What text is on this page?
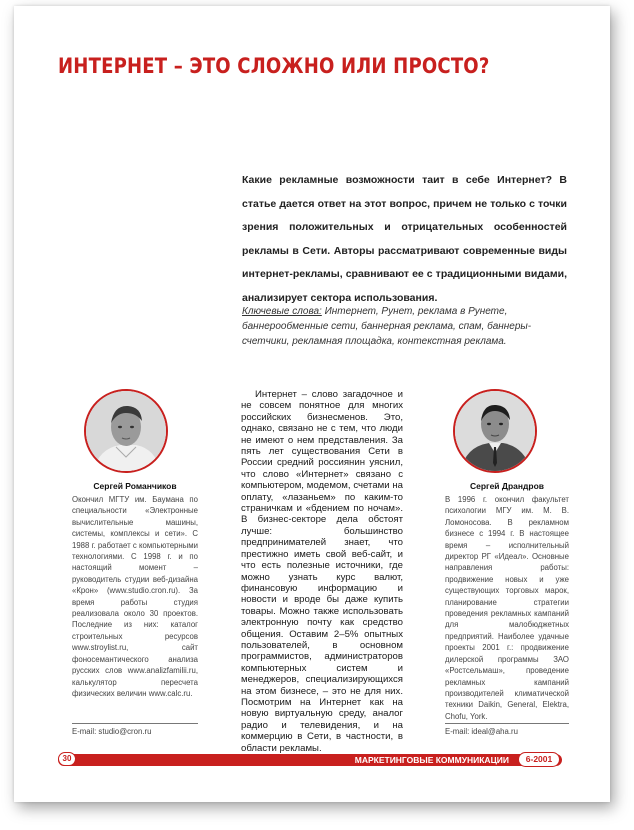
ИНТЕРНЕТ – ЭТО СЛОЖНО ИЛИ ПРОСТО?

Какие рекламные возможности таит в себе Интернет? В статье дается ответ на этот вопрос, причем не только с точки зрения положительных и отрицательных особенностей рекламы в Сети. Авторы рассматривают современные виды интернет-рекламы, сравнивают ее с традиционными видами, анализирует сектора использования.

Ключевые слова: Интернет, Рунет, реклама в Рунете, баннерообменные сети, баннерная реклама, спам, баннеры-счетчики, рекламная площадка, контекстная реклама.

Сергей Романчиков

Окончил МГТУ им. Баумана по специальности «Электронные вычислительные машины, системы, комплексы и сети». С 1988 г. работает с компьютерными технологиями. С 1998 г. и по настоящий момент – руководитель студии веб-дизайна «Крон» (www.studio.cron.ru). За время работы студия реализовала около 30 проектов. Последние из них: каталог строительных ресурсов www.stroylist.ru, сайт фоносемантического анализа русских слов www.analizfamilii.ru, калькулятор пересчета физических величин www.calc.ru.

E-mail: studio@cron.ru

Интернет – слово загадочное и не совсем понятное для многих российских бизнесменов. Это, однако, связано не с тем, что люди не имеют о нем представления. За пять лет существования Сети в России средний россиянин уяснил, что слово «Интернет» связано с компьютером, модемом, счетами на оплату, «лазаньем» по каким-то страничкам и «бдением по ночам». В бизнес-секторе дела обстоят лучше: большинство предпринимателей знает, что престижно иметь свой веб-сайт, и что есть полезные источники, где можно узнать курс валют, финансовую информацию и новости и вроде бы даже купить товары. Можно также использовать электронную почту как средство общения. Оставим 2–5% опытных пользователей, в основном программистов, администраторов компьютерных систем и менеджеров, специализирующихся на этом бизнесе, – это не для них. Посмотрим на Интернет как на новую виртуальную среду, аналог радио и телевидения, и на коммерцию в Сети, в частности, в области рекламы.

Сергей Драндров

В 1996 г. окончил факультет психологии МГУ им. М. В. Ломоносова. В рекламном бизнесе с 1994 г. В настоящее время – исполнительный директор РГ «Идеал». Основные направления работы: продвижение новых и уже существующих торговых марок, планирование стратегии проведения рекламных кампаний для малобюджетных предприятий. Наиболее удачные проекты 2001 г.: продвижение дилерской программы ЗАО «Ростсельмаш», проведение рекламных кампаний производителей климатической техники Daikin, General, Elektra, Chofu, York.

E-mail: ideal@aha.ru

30	МАРКЕТИНГОВЫЕ КОММУНИКАЦИИ	6-2001
